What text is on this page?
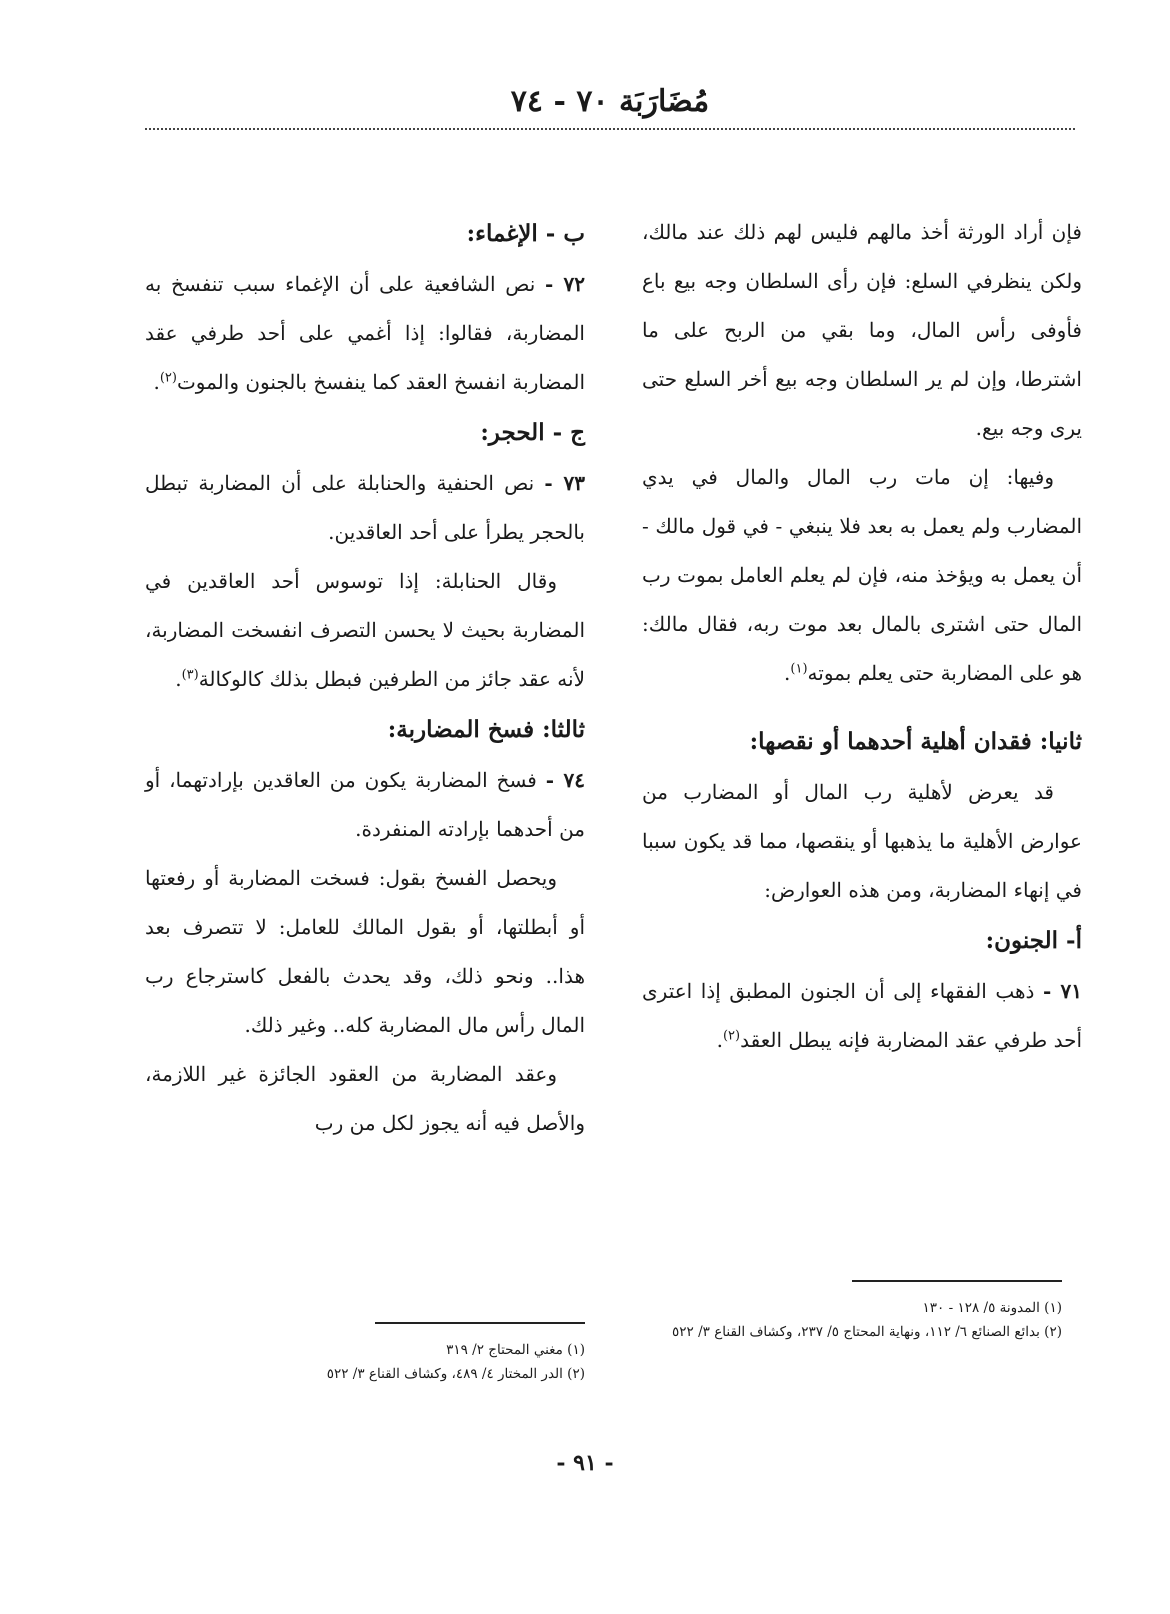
مُضَارَبَة ٧٠ - ٧٤

فإن أراد الورثة أخذ مالهم فليس لهم ذلك عند مالك، ولكن ينظرفي السلع: فإن رأى السلطان وجه بيع باع فأوفى رأس المال، وما بقي من الربح على ما اشترطا، وإن لم ير السلطان وجه بيع أخر السلع حتى يرى وجه بيع.

وفيها: إن مات رب المال والمال في يدي المضارب ولم يعمل به بعد فلا ينبغي - في قول مالك - أن يعمل به ويؤخذ منه، فإن لم يعلم العامل بموت رب المال حتى اشترى بالمال بعد موت ربه، فقال مالك: هو على المضاربة حتى يعلم بموته$^{(١)}$.

ثانيا: فقدان أهلية أحدهما أو نقصها:

قد يعرض لأهلية رب المال أو المضارب من عوارض الأهلية ما يذهبها أو ينقصها، مما قد يكون سببا في إنهاء المضاربة، ومن هذه العوارض:

أ- الجنون:

٧١ - ذهب الفقهاء إلى أن الجنون المطبق إذا اعترى أحد طرفي عقد المضاربة فإنه يبطل العقد$^{(٢)}$.

ب - الإغماء:

٧٢ - نص الشافعية على أن الإغماء سبب تنفسخ به المضاربة، فقالوا: إذا أغمي على أحد طرفي عقد المضاربة انفسخ العقد كما ينفسخ بالجنون والموت$^{(٢)}$.

ج - الحجر:

٧٣ - نص الحنفية والحنابلة على أن المضاربة تبطل بالحجر يطرأ على أحد العاقدين.

وقال الحنابلة: إذا توسوس أحد العاقدين في المضاربة بحيث لا يحسن التصرف انفسخت المضاربة، لأنه عقد جائز من الطرفين فبطل بذلك كالوكالة$^{(٣)}$.

ثالثا: فسخ المضاربة:

٧٤ - فسخ المضاربة يكون من العاقدين بإرادتهما، أو من أحدهما بإرادته المنفردة.

ويحصل الفسخ بقول: فسخت المضاربة أو رفعتها أو أبطلتها، أو بقول المالك للعامل: لا تتصرف بعد هذا.. ونحو ذلك، وقد يحدث بالفعل كاسترجاع رب المال رأس مال المضاربة كله.. وغير ذلك.

وعقد المضاربة من العقود الجائزة غير اللازمة، والأصل فيه أنه يجوز لكل من رب

(١) المدونة ٥/ ١٢٨ - ١٣٠

(٢) بدائع الصنائع ٦/ ١١٢، ونهاية المحتاج ٥/ ٢٣٧، وكشاف القناع ٣/ ٥٢٢

(١) مغني المحتاج ٢/ ٣١٩

(٢) الدر المختار ٤/ ٤٨٩، وكشاف القناع ٣/ ٥٢٢

- ٩١ -
